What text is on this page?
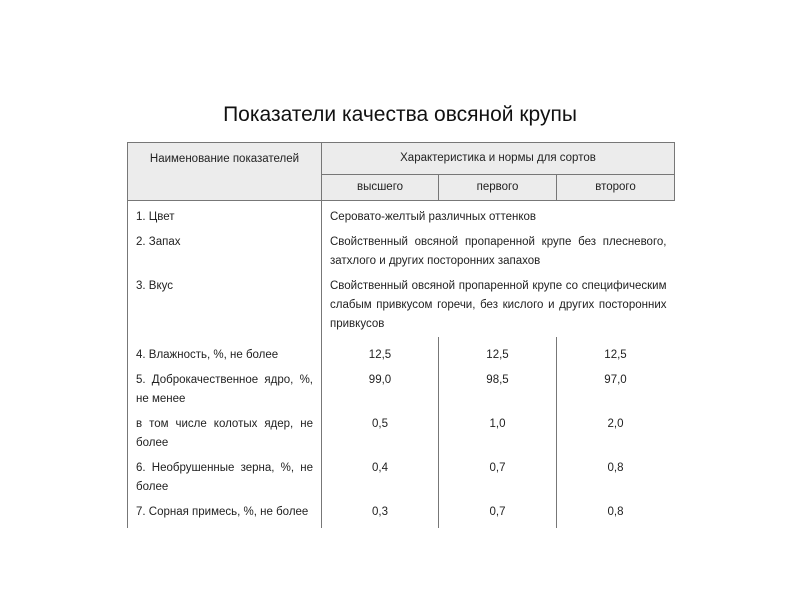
Показатели качества овсяной крупы
Наименование показателей	Характеристика и нормы для сортов		
	высшего	первого	второго
1. Цвет	Серовато-желтый различных оттенков		
2. Запах	Свойственный овсяной пропаренной крупе без плесневого, затхлого и других посторонних запахов		
3. Вкус	Свойственный овсяной пропаренной крупе со специфическим слабым привкусом горечи, без кислого и других посторонних привкусов		
4. Влажность, %, не более	12,5	12,5	12,5
5. Доброкачественное ядро, %, не менее	99,0	98,5	97,0
в том числе колотых ядер, не более	0,5	1,0	2,0
6. Необрушенные зерна, %, не более	0,4	0,7	0,8
7. Сорная примесь, %, не более	0,3	0,7	0,8
